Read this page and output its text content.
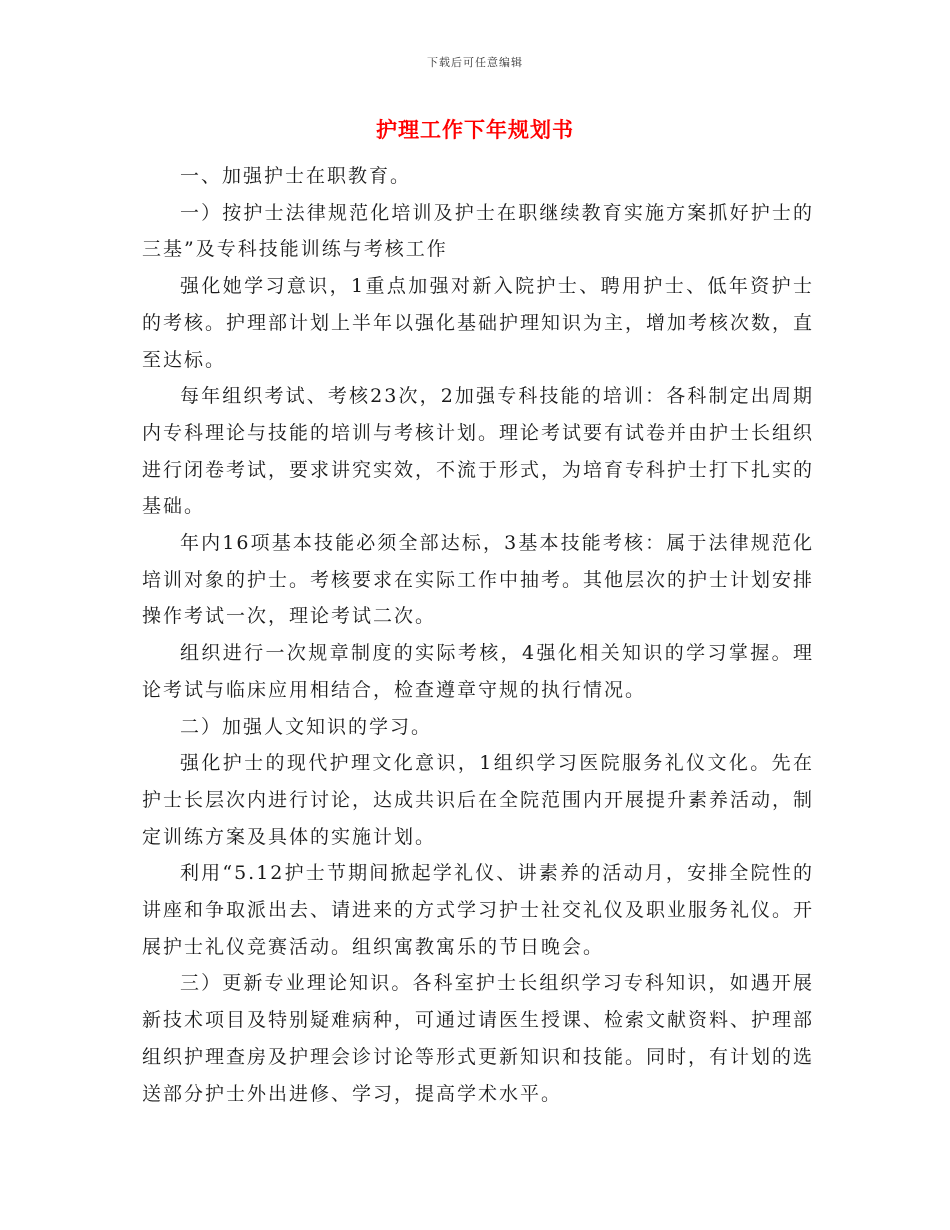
下载后可任意编辑
护理工作下年规划书

一、加强护士在职教育。

一）按护士法律规范化培训及护士在职继续教育实施方案抓好护士的三基”及专科技能训练与考核工作

强化她学习意识，1重点加强对新入院护士、聘用护士、低年资护士的考核。护理部计划上半年以强化基础护理知识为主，增加考核次数，直至达标。

每年组织考试、考核23次，2加强专科技能的培训：各科制定出周期内专科理论与技能的培训与考核计划。理论考试要有试卷并由护士长组织进行闭卷考试，要求讲究实效，不流于形式，为培育专科护士打下扎实的基础。

年内16项基本技能必须全部达标，3基本技能考核：属于法律规范化培训对象的护士。考核要求在实际工作中抽考。其他层次的护士计划安排操作考试一次，理论考试二次。

组织进行一次规章制度的实际考核，4强化相关知识的学习掌握。理论考试与临床应用相结合，检查遵章守规的执行情况。

二）加强人文知识的学习。

强化护士的现代护理文化意识，1组织学习医院服务礼仪文化。先在护士长层次内进行讨论，达成共识后在全院范围内开展提升素养活动，制定训练方案及具体的实施计划。

利用“5.12护士节期间掀起学礼仪、讲素养的活动月，安排全院性的讲座和争取派出去、请进来的方式学习护士社交礼仪及职业服务礼仪。开展护士礼仪竞赛活动。组织寓教寓乐的节日晚会。

三）更新专业理论知识。各科室护士长组织学习专科知识，如遇开展新技术项目及特别疑难病种，可通过请医生授课、检索文献资料、护理部组织护理查房及护理会诊讨论等形式更新知识和技能。同时，有计划的选送部分护士外出进修、学习，提高学术水平。
